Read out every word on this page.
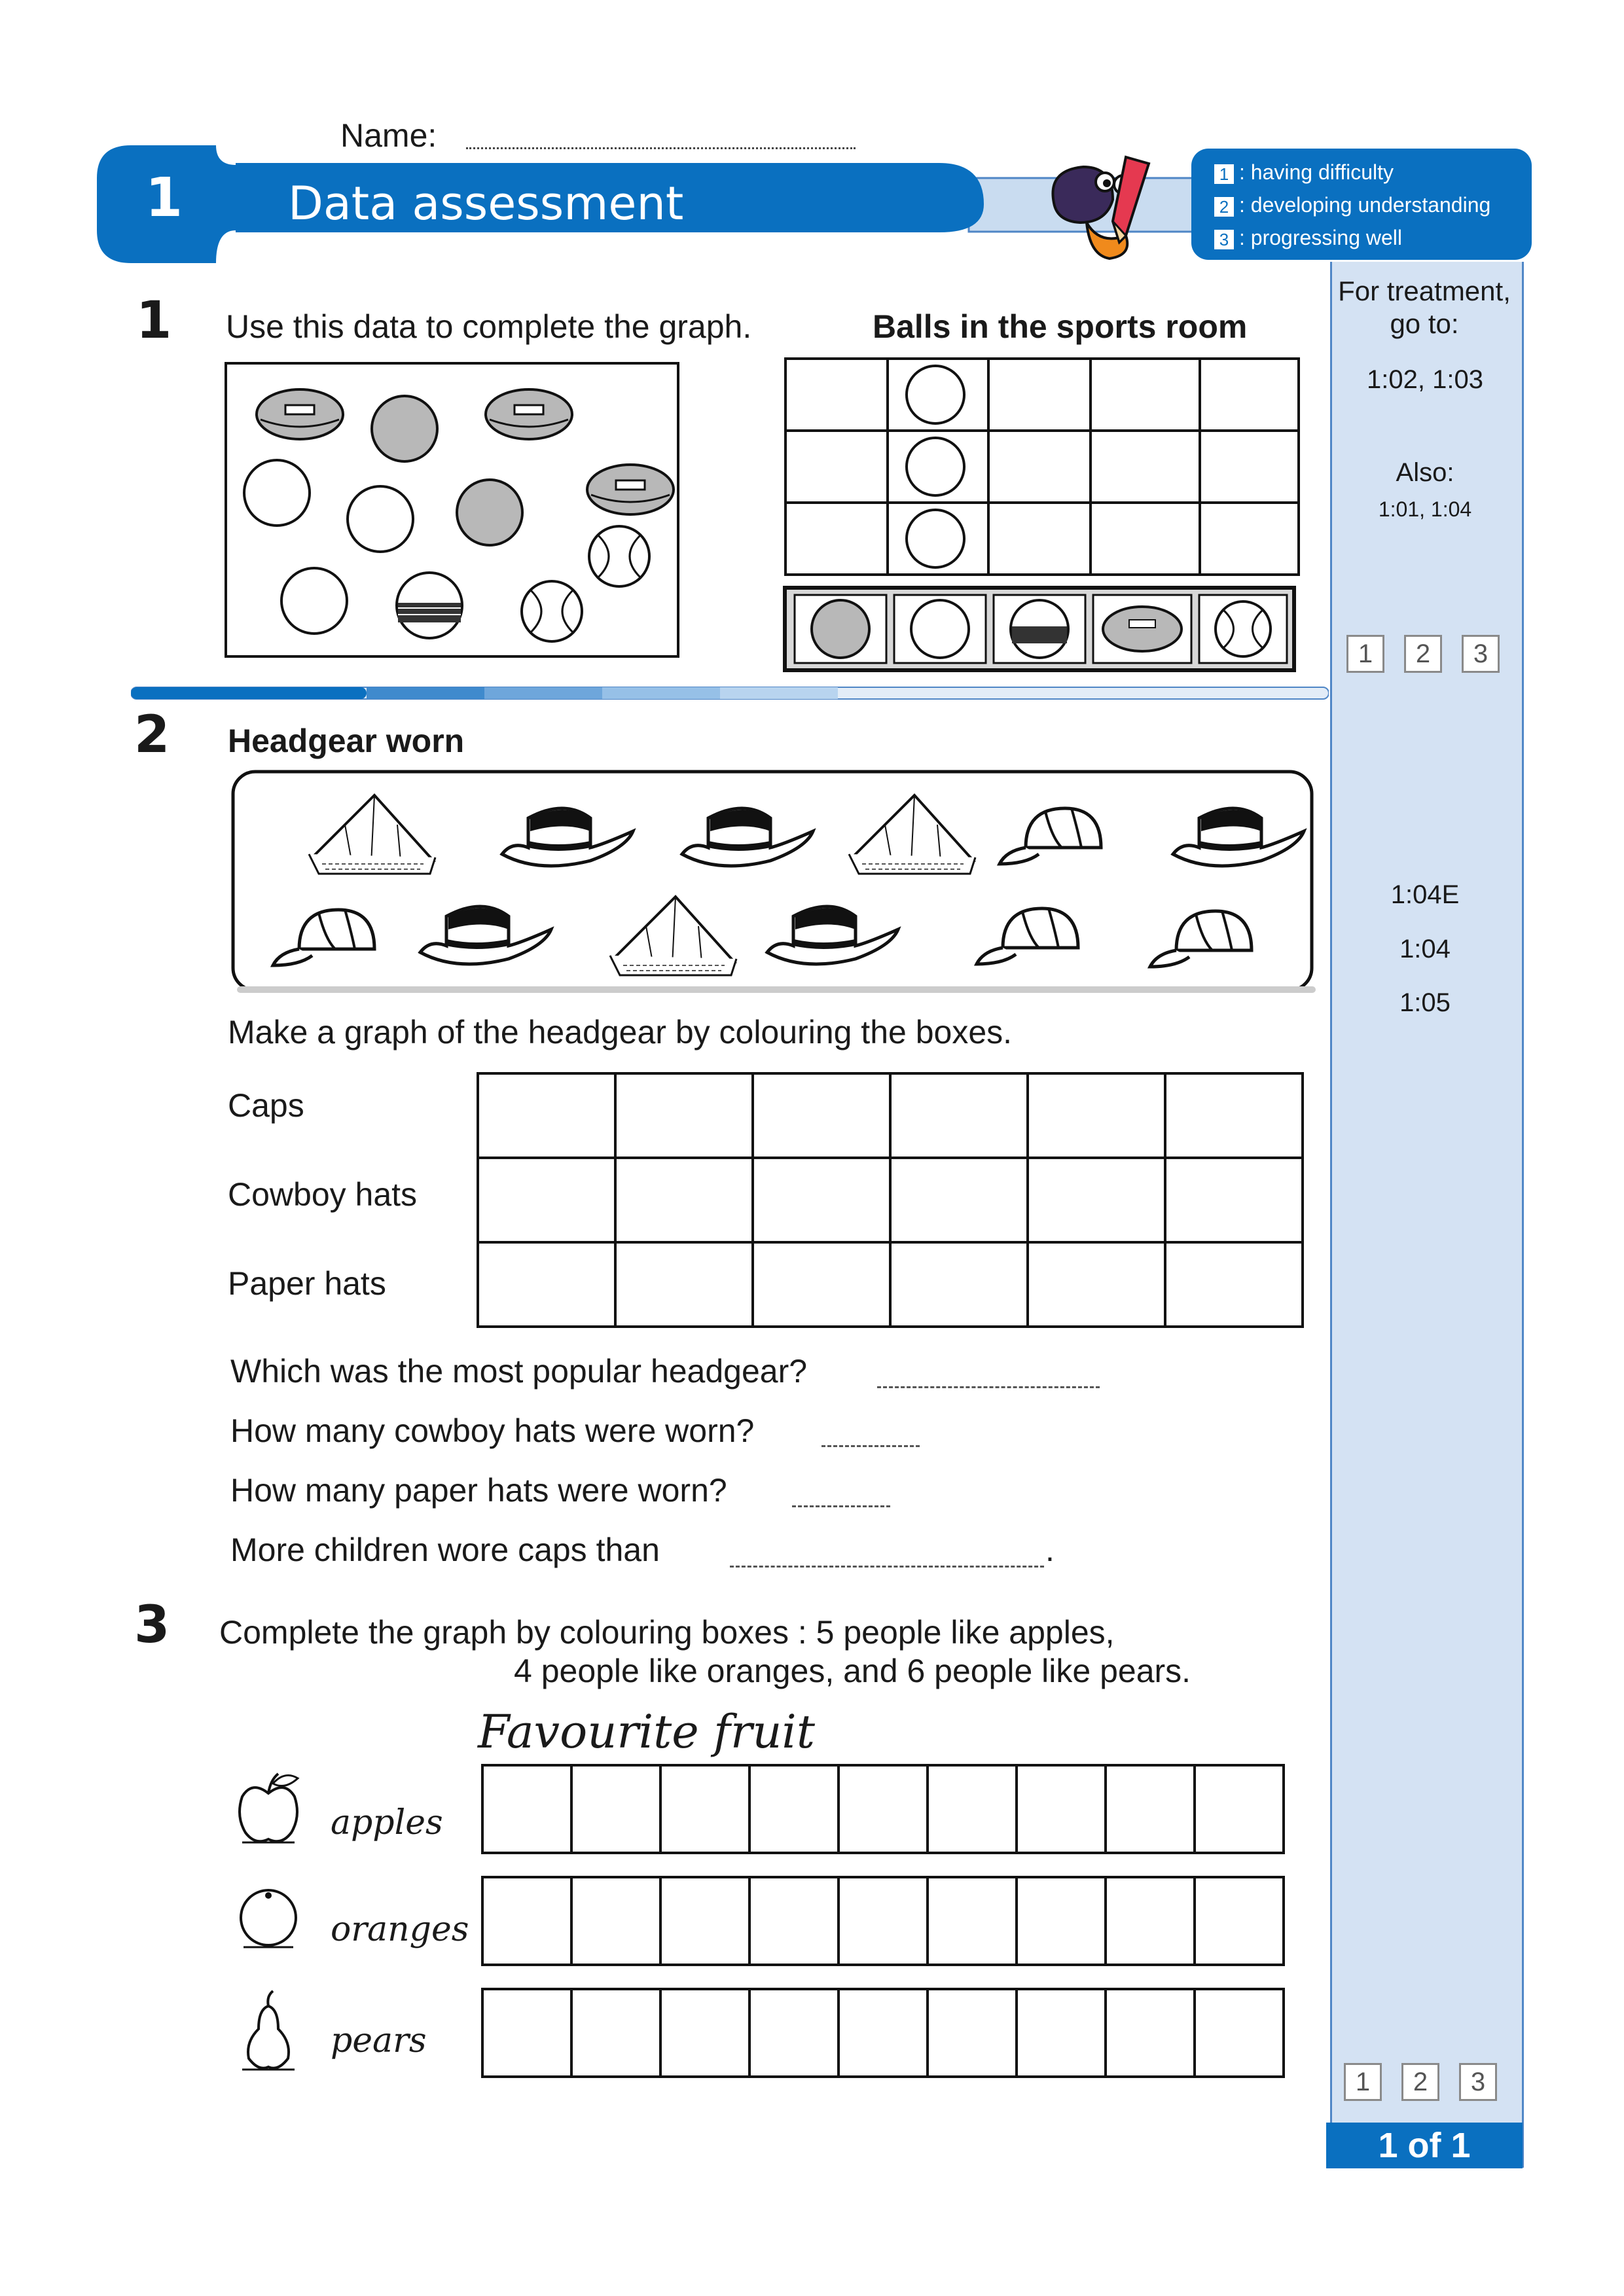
Name:
1 Data assessment
1 : having difficulty
2 : developing understanding
3 : progressing well
For treatment, go to:
1:02, 1:03
Also:
1:01, 1:04
1	2	3
1:04E
1:04
1:05
1	2	3
1 of 1
1 Use this data to complete the graph.	Balls in the sports room

2 Headgear worn
Make a graph of the headgear by colouring the boxes.
Caps
Cowboy hats
Paper hats

Which was the most popular headgear?
How many cowboy hats were worn?
How many paper hats were worn?
More children wore caps than	.
3 Complete the graph by colouring boxes : 5 people like apples,
4 people like oranges, and 6 people like pears.
Favourite fruit
apples
oranges
pears
